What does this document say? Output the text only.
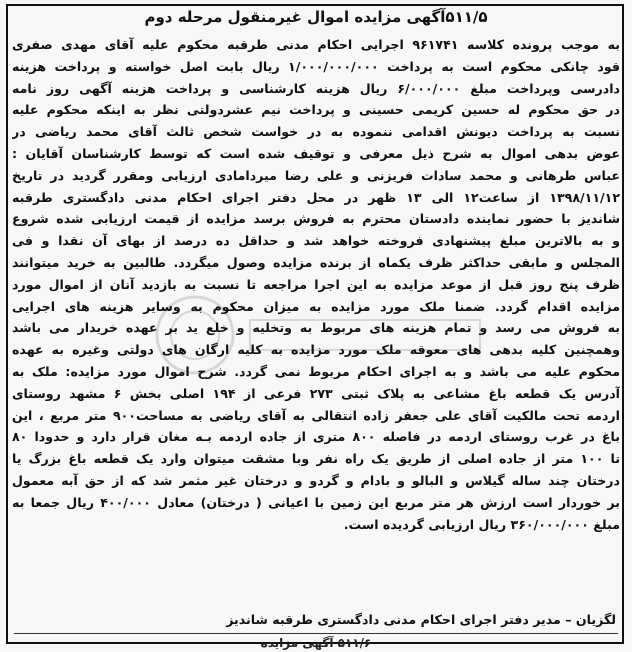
۵۱۱/۵آگهی مزایده اموال غیرمنقول مرحله دوم
به موجب پرونده کلاسه ۹۶۱۷۴۱ اجرایی احکام مدنی طرقبه محکوم علیه آقای مهدی صفری
قود چانکی محکوم است به پرداخت ۱/۰۰۰/۰۰۰/۰۰۰ ریال بابت اصل خواسته و پرداخت هزینه
دادرسی وپرداخت مبلغ ۶/۰۰۰/۰۰۰ ریال هزینه کارشناسی و پرداخت هزینه آگهی روز نامه
در حق محکوم له حسین کریمی حسینی و پرداخت نیم عشردولتی نظر به اینکه محکوم علیه
نسبت به پرداخت دیونش اقدامی ننموده به در خواست شخص ثالث آقای محمد ریاضی در
عوض بدهی اموال به شرح ذیل معرفی و توقیف شده است که توسط کارشناسان آقایان :
عباس طرهانی و محمد سادات فریزنی و علی رضا میردامادی ارزیابی ومقرر گردید در تاریخ
۱۳۹۸/۱۱/۱۲ از ساعت۱۲ الی ۱۳ ظهر در محل دفتر اجرای احکام مدنی دادگستری طرقبه
شاندیز با حضور نماینده دادستان محترم به فروش برسد مزایده از قیمت ارزیابی شده شروع
و به بالاترین مبلغ پیشنهادی فروخته خواهد شد و حداقل ده درصد از بهای آن نقدا و فی
المجلس و مابقی حداکثر ظرف یکماه از برنده مزایده وصول میگردد. طالبین به خرید میتوانند
ظرف پنج روز قبل از موعد مزایده به این اجرا مراجعه تا نسبت به بازدید آنان از اموال مورد
مزایده اقدام گردد. ضمنا ملک مورد مزایده به میزان محکوم به وسایر هزینه های اجرایی
به فروش می رسد و تمام هزینه های مربوط به وتخلیه و خلع ید بر عهده خریدار می باشد
وهمچنین کلیه بدهی های معوقه ملک مورد مزایده به کلیه ارگان های دولتی وغیره به عهده
محکوم علیه می باشد و به اجرای احکام مربوط نمی گردد. شرح اموال مورد مزایده: ملک به
آدرس یک قطعه باغ مشاعی به پلاک ثبتی ۲۷۳ فرعی از ۱۹۴ اصلی بخش ۶ مشهد روستای
اردمه تحت مالکیت آقای علی جعفر زاده انتقالی به آقای ریاضی به مساحت۹۰۰ متر مربع ، این
باغ در غرب روستای اردمه در فاصله ۸۰۰ متری از جاده اردمه بـه مغان قرار دارد و حدودا ۸۰
تا ۱۰۰ متر از جاده اصلی از طریق یک راه نفر وبا مشقت میتوان وارد یک قطعه باغ بزرگ یا
درختان چند ساله گیلاس و البالو و بادام و گردو و درختان غیر مثمر شد که از حق آبه معمول
بر خوردار است ارزش هر متر مربع این زمین با اعیانی ( درختان) معادل ۴۰۰/۰۰۰ ریال جمعا به
مبلغ ۳۶۰/۰۰۰/۰۰۰ ریال ارزیابی گردیده است.
لگزیان – مدیر دفتر اجرای احکام مدنی دادگستری طرقبه شاندیز
۵۱۱/۶ آگهی مزایده
